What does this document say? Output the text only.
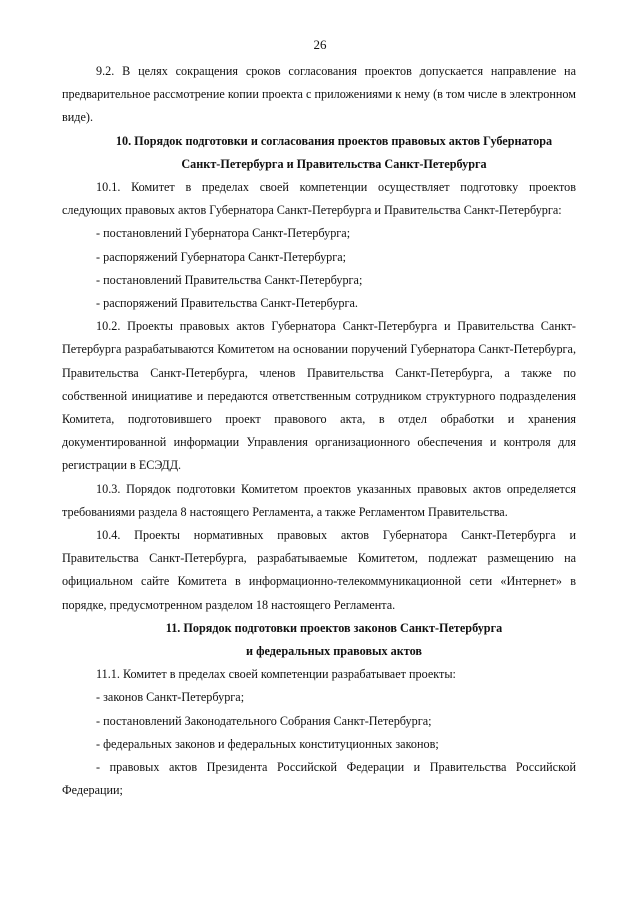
26

9.2. В целях сокращения сроков согласования проектов допускается направление на предварительное рассмотрение копии проекта с приложениями к нему (в том числе в электронном виде).

10. Порядок подготовки и согласования проектов правовых актов Губернатора

Санкт-Петербурга и Правительства Санкт-Петербурга

10.1. Комитет в пределах своей компетенции осуществляет подготовку проектов следующих правовых актов Губернатора Санкт-Петербурга и Правительства Санкт-Петербурга:

- постановлений Губернатора Санкт-Петербурга;

- распоряжений Губернатора Санкт-Петербурга;

- постановлений Правительства Санкт-Петербурга;

- распоряжений Правительства Санкт-Петербурга.

10.2. Проекты правовых актов Губернатора Санкт-Петербурга и Правительства Санкт-Петербурга разрабатываются Комитетом на основании поручений Губернатора Санкт-Петербурга, Правительства Санкт-Петербурга, членов Правительства Санкт-Петербурга, а также по собственной инициативе и передаются ответственным сотрудником структурного подразделения Комитета, подготовившего проект правового акта, в отдел обработки и хранения документированной информации Управления организационного обеспечения и контроля для регистрации в ЕСЭДД.

10.3. Порядок подготовки Комитетом проектов указанных правовых актов определяется требованиями раздела 8 настоящего Регламента, а также Регламентом Правительства.

10.4. Проекты нормативных правовых актов Губернатора Санкт-Петербурга и Правительства Санкт-Петербурга, разрабатываемые Комитетом, подлежат размещению на официальном сайте Комитета в информационно-телекоммуникационной сети «Интернет» в порядке, предусмотренном разделом 18 настоящего Регламента.

11. Порядок подготовки проектов законов Санкт-Петербурга

и федеральных правовых актов

11.1. Комитет в пределах своей компетенции разрабатывает проекты:

- законов Санкт-Петербурга;

- постановлений Законодательного Собрания Санкт-Петербурга;

- федеральных законов и федеральных конституционных законов;

- правовых актов Президента Российской Федерации и Правительства Российской Федерации;
